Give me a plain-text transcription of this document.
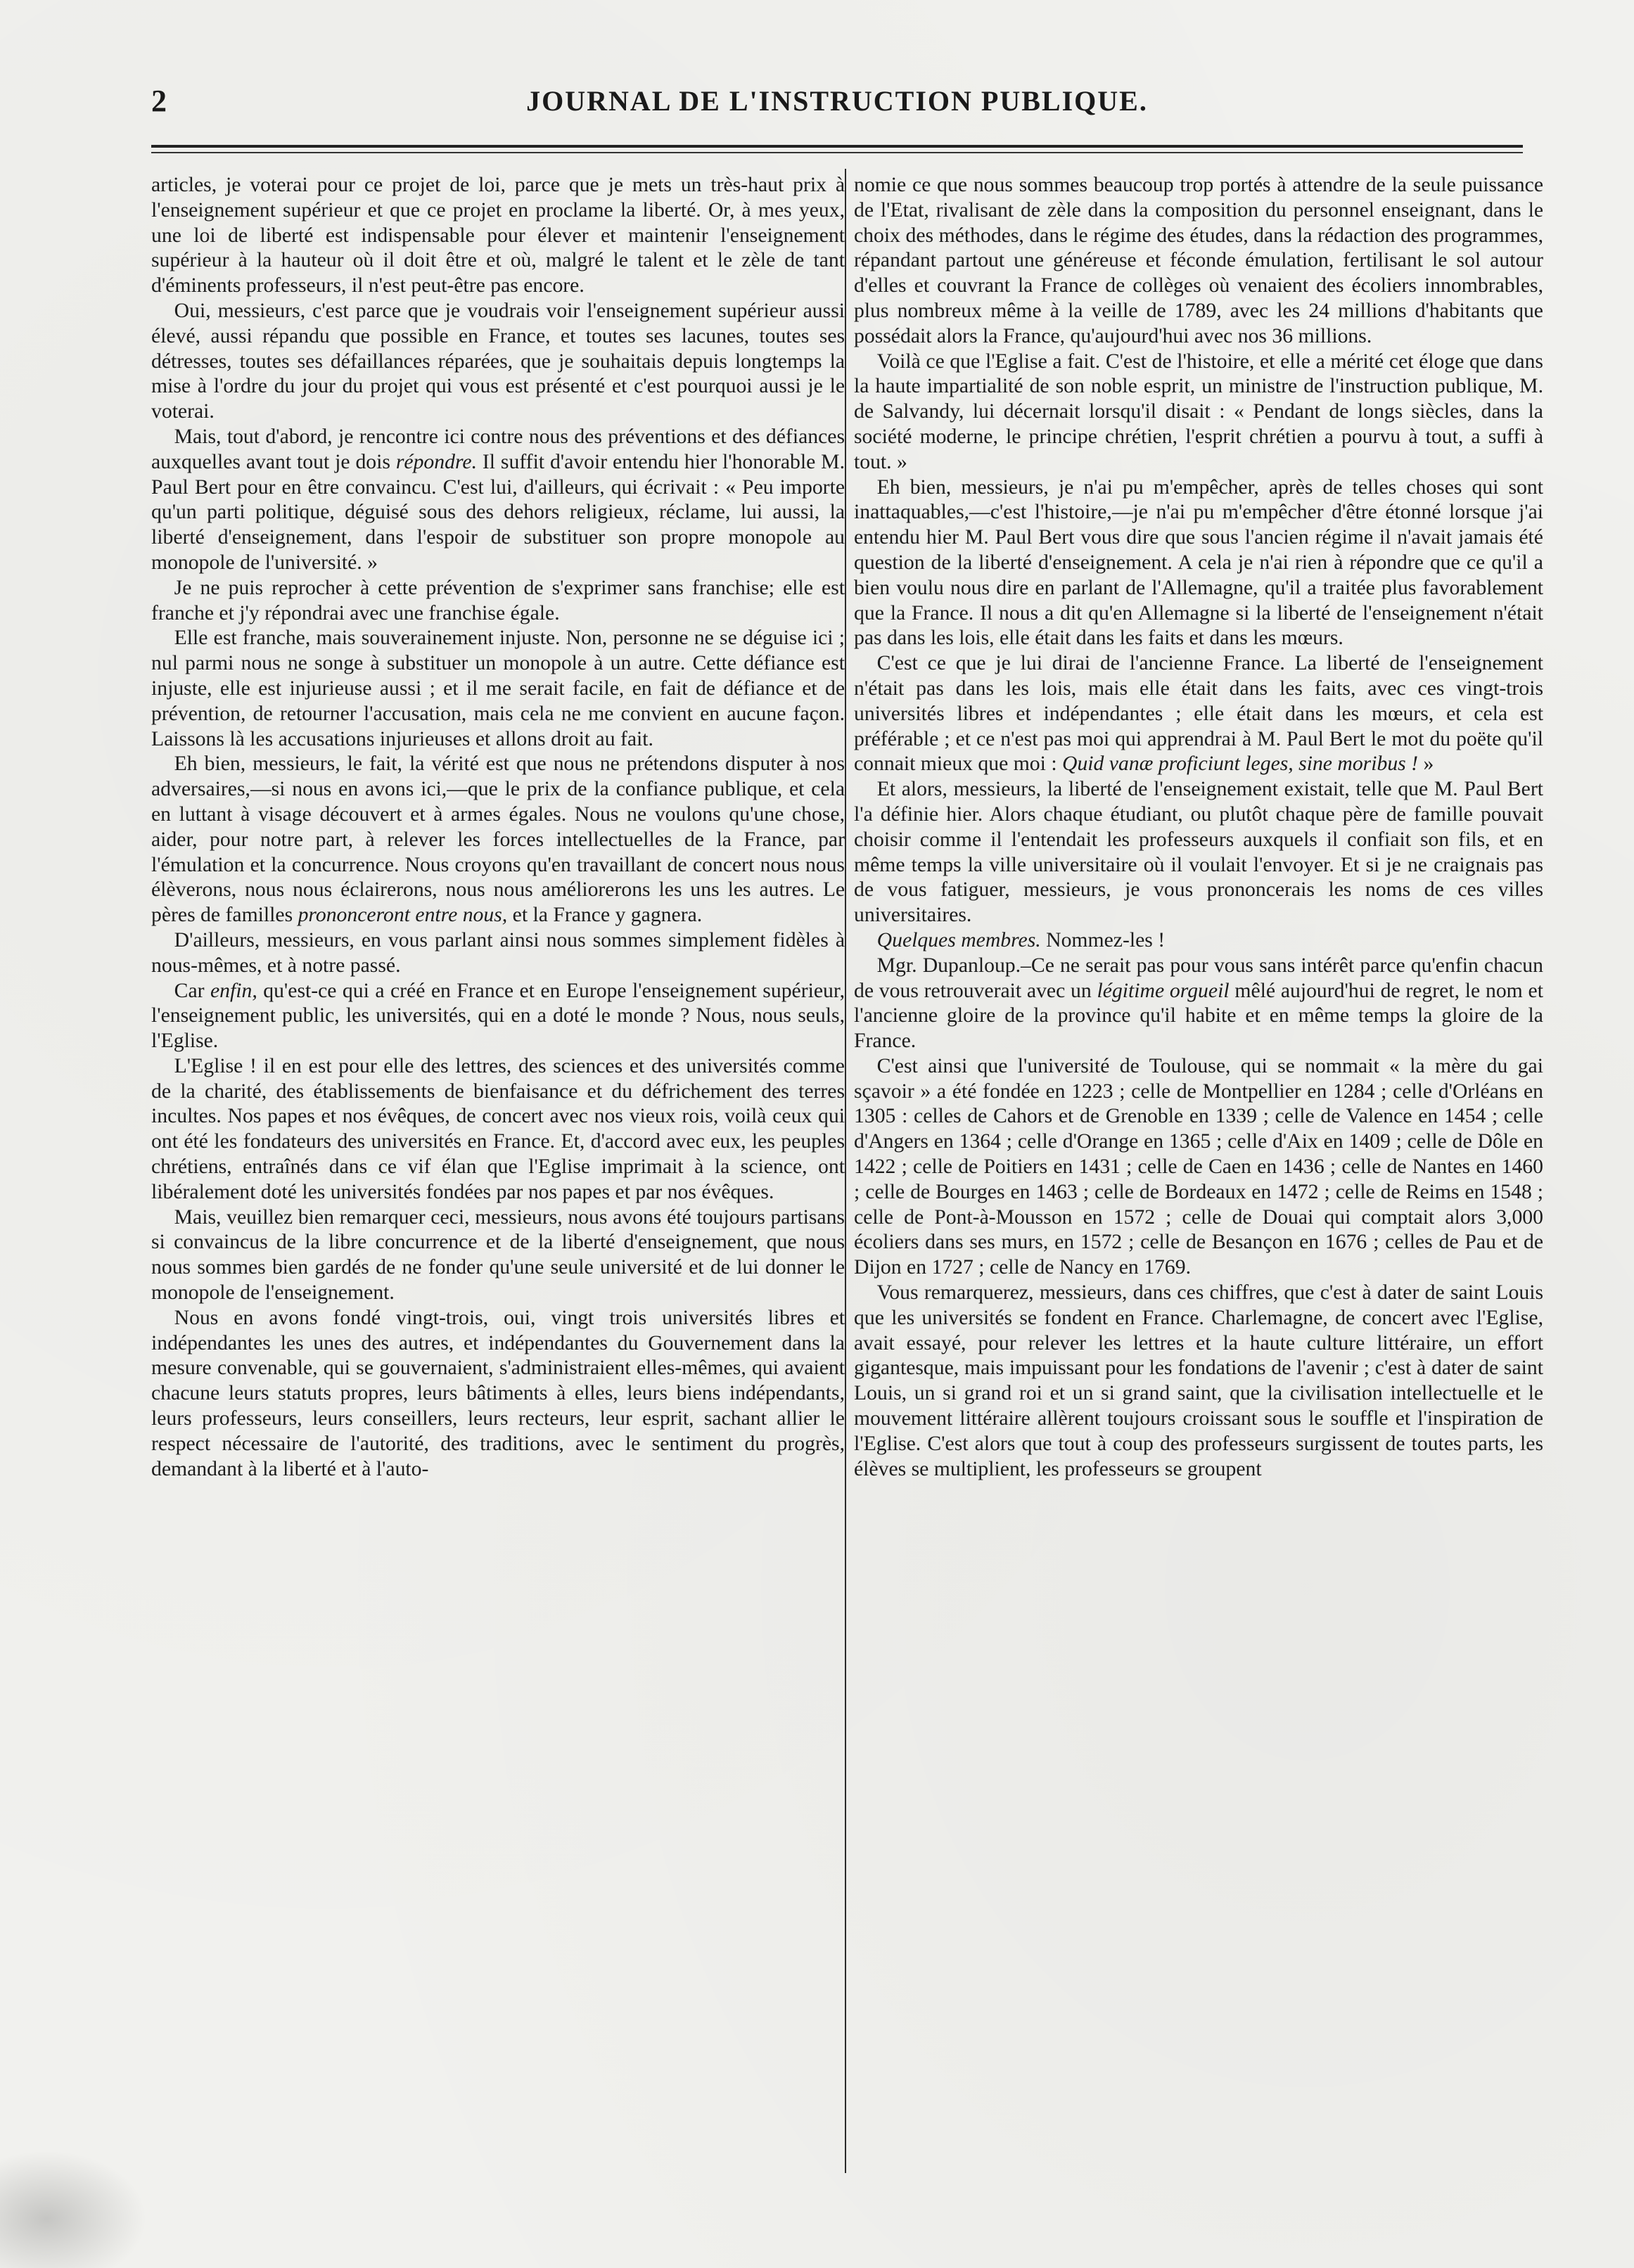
2	JOURNAL DE L'INSTRUCTION PUBLIQUE.

articles, je voterai pour ce projet de loi, parce que je mets un très-haut prix à l'enseignement supérieur et que ce projet en proclame la liberté. Or, à mes yeux, une loi de liberté est indispensable pour élever et maintenir l'enseignement supérieur à la hauteur où il doit être et où, malgré le talent et le zèle de tant d'éminents professeurs, il n'est peut-être pas encore.

Oui, messieurs, c'est parce que je voudrais voir l'enseignement supérieur aussi élevé, aussi répandu que possible en France, et toutes ses lacunes, toutes ses détresses, toutes ses défaillances réparées, que je souhaitais depuis longtemps la mise à l'ordre du jour du projet qui vous est présenté et c'est pourquoi aussi je le voterai.

Mais, tout d'abord, je rencontre ici contre nous des préventions et des défiances auxquelles avant tout je dois répondre. Il suffit d'avoir entendu hier l'honorable M. Paul Bert pour en être convaincu. C'est lui, d'ailleurs, qui écrivait : « Peu importe qu'un parti politique, déguisé sous des dehors religieux, réclame, lui aussi, la liberté d'enseignement, dans l'espoir de substituer son propre monopole au monopole de l'université. »

Je ne puis reprocher à cette prévention de s'exprimer sans franchise; elle est franche et j'y répondrai avec une franchise égale.

Elle est franche, mais souverainement injuste. Non, personne ne se déguise ici ; nul parmi nous ne songe à substituer un monopole à un autre. Cette défiance est injuste, elle est injurieuse aussi ; et il me serait facile, en fait de défiance et de prévention, de retourner l'accusation, mais cela ne me convient en aucune façon. Laissons là les accusations injurieuses et allons droit au fait.

Eh bien, messieurs, le fait, la vérité est que nous ne prétendons disputer à nos adversaires,—si nous en avons ici,—que le prix de la confiance publique, et cela en luttant à visage découvert et à armes égales. Nous ne voulons qu'une chose, aider, pour notre part, à relever les forces intellectuelles de la France, par l'émulation et la concurrence. Nous croyons qu'en travaillant de concert nous nous élèverons, nous nous éclairerons, nous nous améliorerons les uns les autres. Le pères de familles prononceront entre nous, et la France y gagnera.

D'ailleurs, messieurs, en vous parlant ainsi nous sommes simplement fidèles à nous-mêmes, et à notre passé.

Car enfin, qu'est-ce qui a créé en France et en Europe l'enseignement supérieur, l'enseignement public, les universités, qui en a doté le monde ? Nous, nous seuls, l'Eglise.

L'Eglise ! il en est pour elle des lettres, des sciences et des universités comme de la charité, des établissements de bienfaisance et du défrichement des terres incultes. Nos papes et nos évêques, de concert avec nos vieux rois, voilà ceux qui ont été les fondateurs des universités en France. Et, d'accord avec eux, les peuples chrétiens, entraînés dans ce vif élan que l'Eglise imprimait à la science, ont libéralement doté les universités fondées par nos papes et par nos évêques.

Mais, veuillez bien remarquer ceci, messieurs, nous avons été toujours partisans si convaincus de la libre concurrence et de la liberté d'enseignement, que nous nous sommes bien gardés de ne fonder qu'une seule université et de lui donner le monopole de l'enseignement.

Nous en avons fondé vingt-trois, oui, vingt trois universités libres et indépendantes les unes des autres, et indépendantes du Gouvernement dans la mesure convenable, qui se gouvernaient, s'administraient elles-mêmes, qui avaient chacune leurs statuts propres, leurs bâtiments à elles, leurs biens indépendants, leurs professeurs, leurs conseillers, leurs recteurs, leur esprit, sachant allier le respect nécessaire de l'autorité, des traditions, avec le sentiment du progrès, demandant à la liberté et à l'auto-

nomie ce que nous sommes beaucoup trop portés à attendre de la seule puissance de l'Etat, rivalisant de zèle dans la composition du personnel enseignant, dans le choix des méthodes, dans le régime des études, dans la rédaction des programmes, répandant partout une généreuse et féconde émulation, fertilisant le sol autour d'elles et couvrant la France de collèges où venaient des écoliers innombrables, plus nombreux même à la veille de 1789, avec les 24 millions d'habitants que possédait alors la France, qu'aujourd'hui avec nos 36 millions.

Voilà ce que l'Eglise a fait. C'est de l'histoire, et elle a mérité cet éloge que dans la haute impartialité de son noble esprit, un ministre de l'instruction publique, M. de Salvandy, lui décernait lorsqu'il disait : « Pendant de longs siècles, dans la société moderne, le principe chrétien, l'esprit chrétien a pourvu à tout, a suffi à tout. »

Eh bien, messieurs, je n'ai pu m'empêcher, après de telles choses qui sont inattaquables,—c'est l'histoire,—je n'ai pu m'empêcher d'être étonné lorsque j'ai entendu hier M. Paul Bert vous dire que sous l'ancien régime il n'avait jamais été question de la liberté d'enseignement. A cela je n'ai rien à répondre que ce qu'il a bien voulu nous dire en parlant de l'Allemagne, qu'il a traitée plus favorablement que la France. Il nous a dit qu'en Allemagne si la liberté de l'enseignement n'était pas dans les lois, elle était dans les faits et dans les mœurs.

C'est ce que je lui dirai de l'ancienne France. La liberté de l'enseignement n'était pas dans les lois, mais elle était dans les faits, avec ces vingt-trois universités libres et indépendantes ; elle était dans les mœurs, et cela est préférable ; et ce n'est pas moi qui apprendrai à M. Paul Bert le mot du poëte qu'il connait mieux que moi : Quid vanæ proficiunt leges, sine moribus ! »

Et alors, messieurs, la liberté de l'enseignement existait, telle que M. Paul Bert l'a définie hier. Alors chaque étudiant, ou plutôt chaque père de famille pouvait choisir comme il l'entendait les professeurs auxquels il confiait son fils, et en même temps la ville universitaire où il voulait l'envoyer. Et si je ne craignais pas de vous fatiguer, messieurs, je vous prononcerais les noms de ces villes universitaires.

Quelques membres. Nommez-les !

Mgr. Dupanloup.–Ce ne serait pas pour vous sans intérêt parce qu'enfin chacun de vous retrouverait avec un légitime orgueil mêlé aujourd'hui de regret, le nom et l'ancienne gloire de la province qu'il habite et en même temps la gloire de la France.

C'est ainsi que l'université de Toulouse, qui se nommait « la mère du gai sçavoir » a été fondée en 1223 ; celle de Montpellier en 1284 ; celle d'Orléans en 1305 : celles de Cahors et de Grenoble en 1339 ; celle de Valence en 1454 ; celle d'Angers en 1364 ; celle d'Orange en 1365 ; celle d'Aix en 1409 ; celle de Dôle en 1422 ; celle de Poitiers en 1431 ; celle de Caen en 1436 ; celle de Nantes en 1460 ; celle de Bourges en 1463 ; celle de Bordeaux en 1472 ; celle de Reims en 1548 ; celle de Pont-à-Mousson en 1572 ; celle de Douai qui comptait alors 3,000 écoliers dans ses murs, en 1572 ; celle de Besançon en 1676 ; celles de Pau et de Dijon en 1727 ; celle de Nancy en 1769.

Vous remarquerez, messieurs, dans ces chiffres, que c'est à dater de saint Louis que les universités se fondent en France. Charlemagne, de concert avec l'Eglise, avait essayé, pour relever les lettres et la haute culture littéraire, un effort gigantesque, mais impuissant pour les fondations de l'avenir ; c'est à dater de saint Louis, un si grand roi et un si grand saint, que la civilisation intellectuelle et le mouvement littéraire allèrent toujours croissant sous le souffle et l'inspiration de l'Eglise. C'est alors que tout à coup des professeurs surgissent de toutes parts, les élèves se multiplient, les professeurs se groupent
